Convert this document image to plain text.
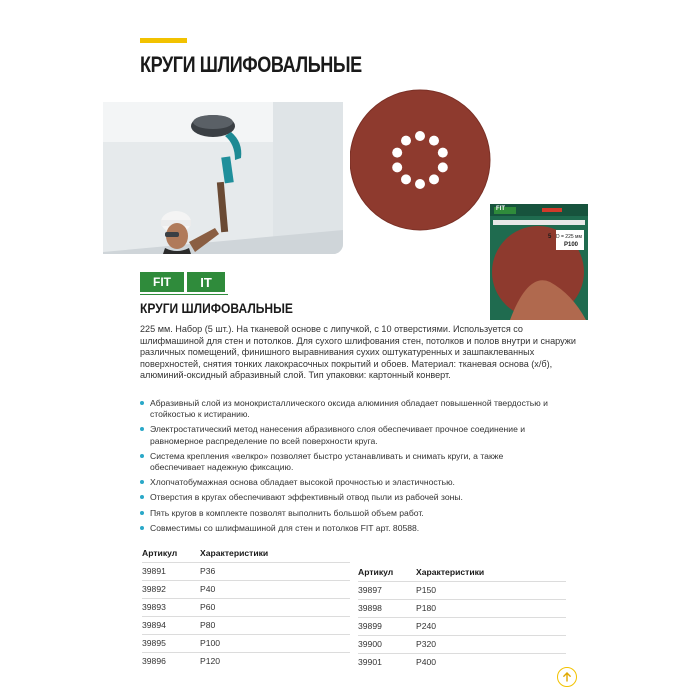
КРУГИ ШЛИФОВАЛЬНЫЕ
FIT
5 D = 225 мм
P100
FIT IT
КРУГИ ШЛИФОВАЛЬНЫЕ

225 мм. Набор (5 шт.). На тканевой основе с липучкой, с 10 отверстиями. Используется со шлифмашиной для стен и потолков. Для сухого шлифования стен, потолков и полов внутри и снаружи различных помещений, финишного выравнивания сухих оштукатуренных и зашпаклеванных поверхностей, снятия тонких лакокрасочных покрытий и обоев. Материал: тканевая основа (х/б), алюминий-оксидный абразивный слой. Тип упаковки: картонный конверт.

Абразивный слой из монокристаллического оксида алюминия обладает повышенной твердостью и стойкостью к истиранию.
Электростатический метод нанесения абразивного слоя обеспечивает прочное соединение и равномерное распределение по всей поверхности круга.
Система крепления «велкро» позволяет быстро устанавливать и снимать круги, а также обеспечивает надежную фиксацию.
Хлопчатобумажная основа обладает высокой прочностью и эластичностью.
Отверстия в кругах обеспечивают эффективный отвод пыли из рабочей зоны.
Пять кругов в комплекте позволят выполнить большой объем работ.
Совместимы со шлифмашиной для стен и потолков FIT арт. 80588.
Артикул	Характеристики
39891	P36
39892	P40
39893	P60
39894	P80
39895	P100
39896	P120
Артикул	Характеристики
39897	P150
39898	P180
39899	P240
39900	P320
39901	P400
